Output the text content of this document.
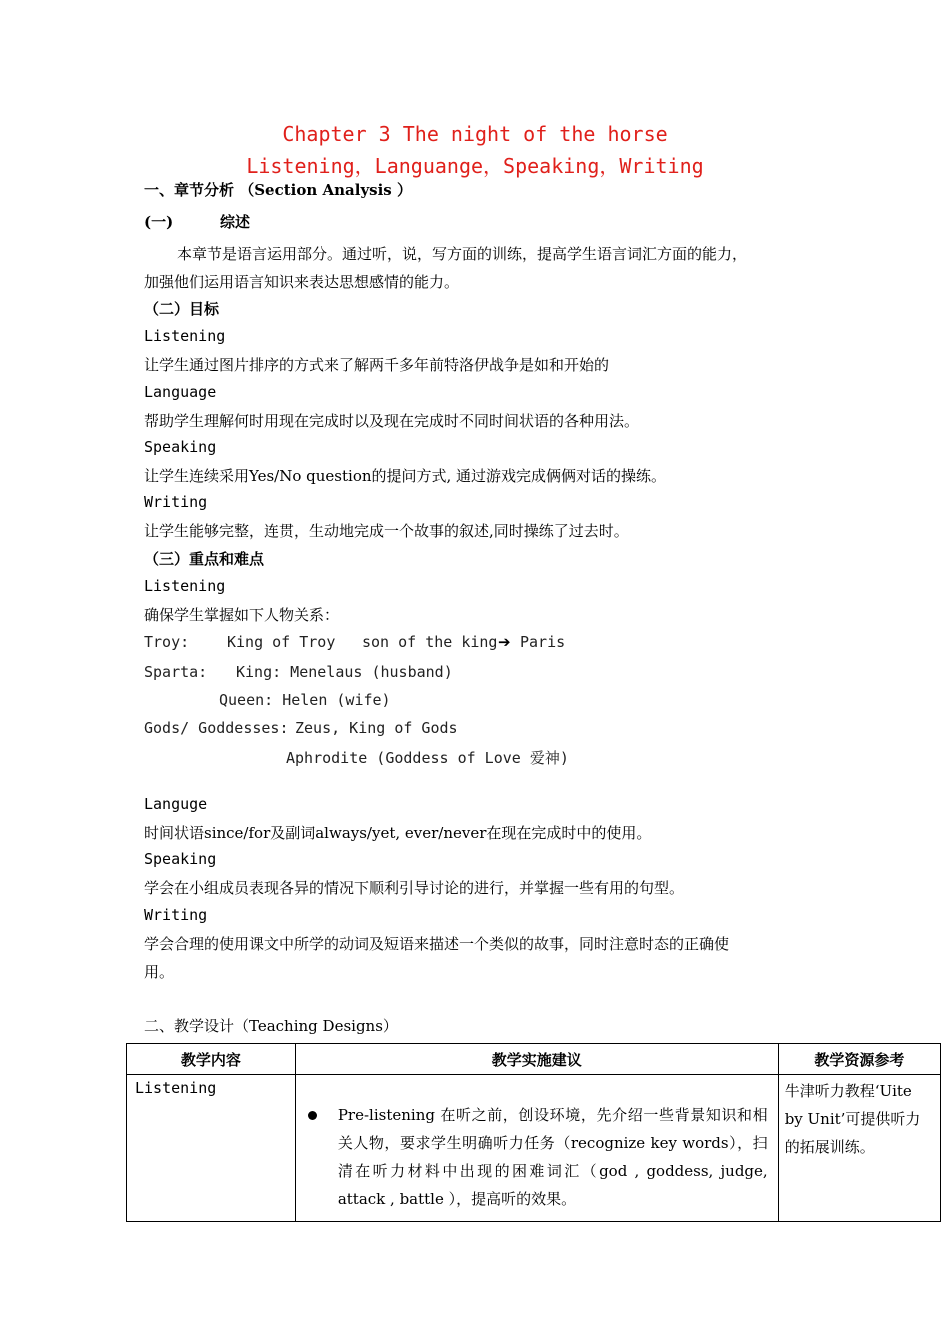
Chapter 3 The night of the horse
Listening，Languange，Speaking，Writing
一、章节分析 （Section Analysis ）
(一)	综述
本章节是语言运用部分。通过听，说，写方面的训练，提高学生语言词汇方面的能力，
加强他们运用语言知识来表达思想感情的能力。
（二）目标
Listening
让学生通过图片排序的方式来了解两千多年前特洛伊战争是如和开始的
Language
帮助学生理解何时用现在完成时以及现在完成时不同时间状语的各种用法。
Speaking
让学生连续采用Yes/No question的提问方式, 通过游戏完成俩俩对话的操练。
Writing
让学生能够完整，连贯，生动地完成一个故事的叙述,同时操练了过去时。
（三）重点和难点
Listening
确保学生掌握如下人物关系：
Troy:	King of Troy son of the king ➔ Paris
Sparta: King: Menelaus (husband)
Queen: Helen (wife)
Gods/ Goddesses: Zeus, King of Gods
Aphrodite (Goddess of Love 爱神)
Languge
时间状语since/for及副词always/yet, ever/never在现在完成时中的使用。
Speaking
学会在小组成员表现各异的情况下顺利引导讨论的进行，并掌握一些有用的句型。
Writing
学会合理的使用课文中所学的动词及短语来描述一个类似的故事，同时注意时态的正确使
用。
二、教学设计（Teaching Designs）
教学内容	教学实施建议	教学资源参考
Listening	Pre-listening 在听之前，创设环境，先介绍一些背景知识和相关人物，要求学生明确听力任务（recognize key words），扫清在听力材料中出现的困难词汇（god , goddess, judge, attack , battle ），提高听的效果。	牛津听力教程‘Uite by Unit’可提供听力的拓展训练。
